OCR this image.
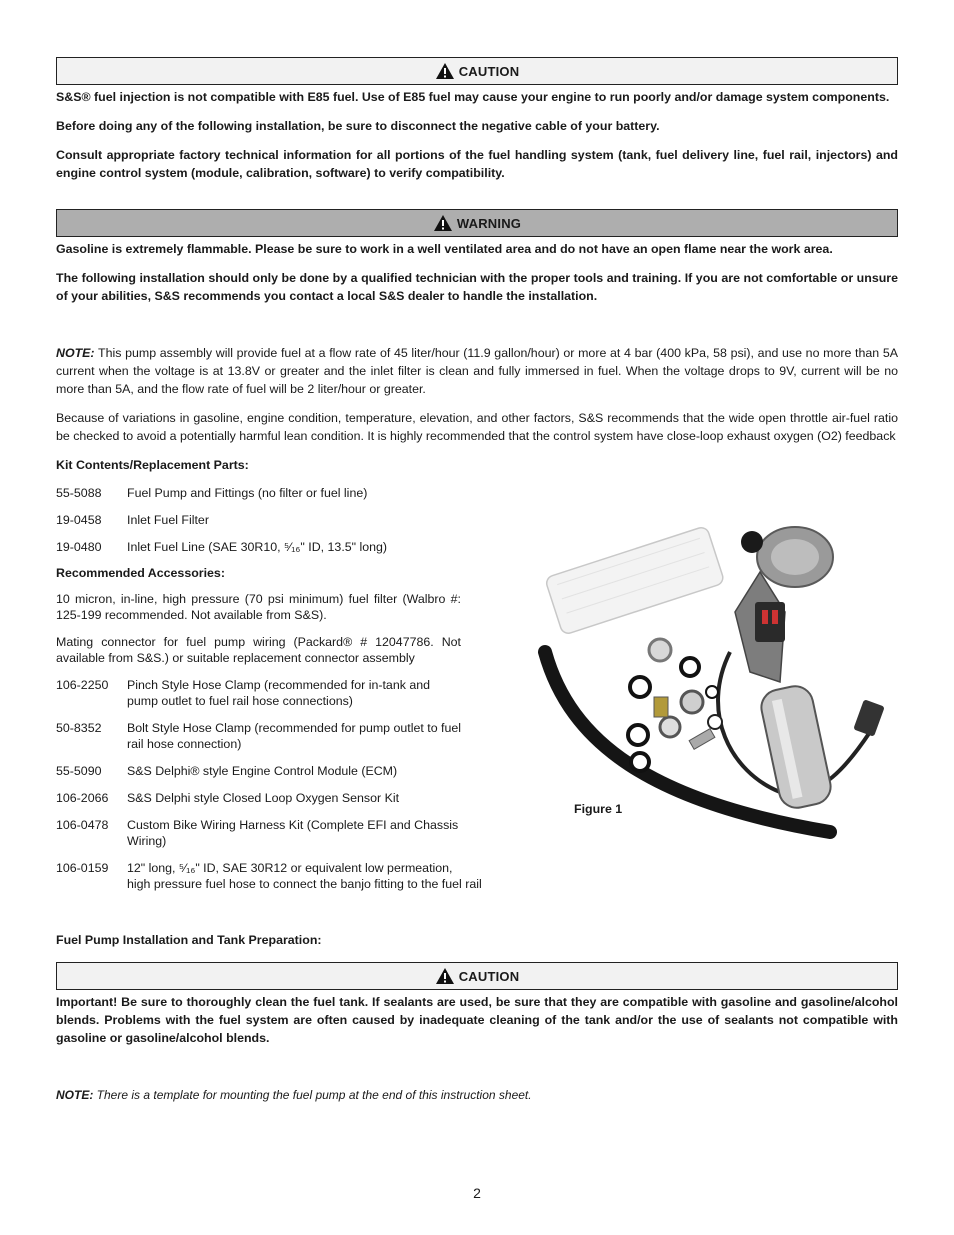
CAUTION

S&S® fuel injection is not compatible with E85 fuel. Use of E85 fuel may cause your engine to run poorly and/or damage system components.

Before doing any of the following installation, be sure to disconnect the negative cable of your battery.

Consult appropriate factory technical information for all portions of the fuel handling system (tank, fuel delivery line, fuel rail, injectors) and engine control system (module, calibration, software) to verify compatibility.

WARNING

Gasoline is extremely flammable. Please be sure to work in a well ventilated area and do not have an open flame near the work area.

The following installation should only be done by a qualified technician with the proper tools and training. If you are not comfortable or unsure of your abilities, S&S recommends you contact a local S&S dealer to handle the installation.

NOTE: This pump assembly will provide fuel at a flow rate of 45 liter/hour (11.9 gallon/hour) or more at 4 bar (400 kPa, 58 psi), and use no more than 5A current when the voltage is at 13.8V or greater and the inlet filter is clean and fully immersed in fuel. When the voltage drops to 9V, current will be no more than 5A, and the flow rate of fuel will be 2 liter/hour or greater.

Because of variations in gasoline, engine condition, temperature, elevation, and other factors, S&S recommends that the wide open throttle air-fuel ratio be checked to avoid a potentially harmful lean condition. It is highly recommended that the control system have close-loop exhaust oxygen (O2) feedback

Kit Contents/Replacement Parts:

55-5088	Fuel Pump and Fittings (no filter or fuel line)
19-0458	Inlet Fuel Filter
19-0480	Inlet Fuel Line (SAE 30R10, ⁵⁄₁₆" ID, 13.5" long)

Recommended Accessories:

10 micron, in-line, high pressure (70 psi minimum) fuel filter (Walbro #: 125-199 recommended. Not available from S&S).

Mating connector for fuel pump wiring (Packard® # 12047786. Not available from S&S.) or suitable replacement connector assembly

106-2250	Pinch Style Hose Clamp (recommended for in-tank and pump outlet to fuel rail hose connections)
50-8352	Bolt Style Hose Clamp (recommended for pump outlet to fuel rail hose connection)
55-5090	S&S Delphi® style Engine Control Module (ECM)
106-2066	S&S Delphi style Closed Loop Oxygen Sensor Kit
106-0478	Custom Bike Wiring Harness Kit (Complete EFI and Chassis Wiring)
106-0159	12" long, ⁵⁄₁₆" ID, SAE 30R12 or equivalent low permeation,
high pressure fuel hose to connect the banjo fitting to the fuel rail

Fuel Pump Installation and Tank Preparation:

CAUTION

Important! Be sure to thoroughly clean the fuel tank. If sealants are used, be sure that they are compatible with gasoline and gasoline/alcohol blends. Problems with the fuel system are often caused by inadequate cleaning of the tank and/or the use of sealants not compatible with gasoline or gasoline/alcohol blends.

NOTE: There is a template for mounting the fuel pump at the end of this instruction sheet.

Figure 1
2
